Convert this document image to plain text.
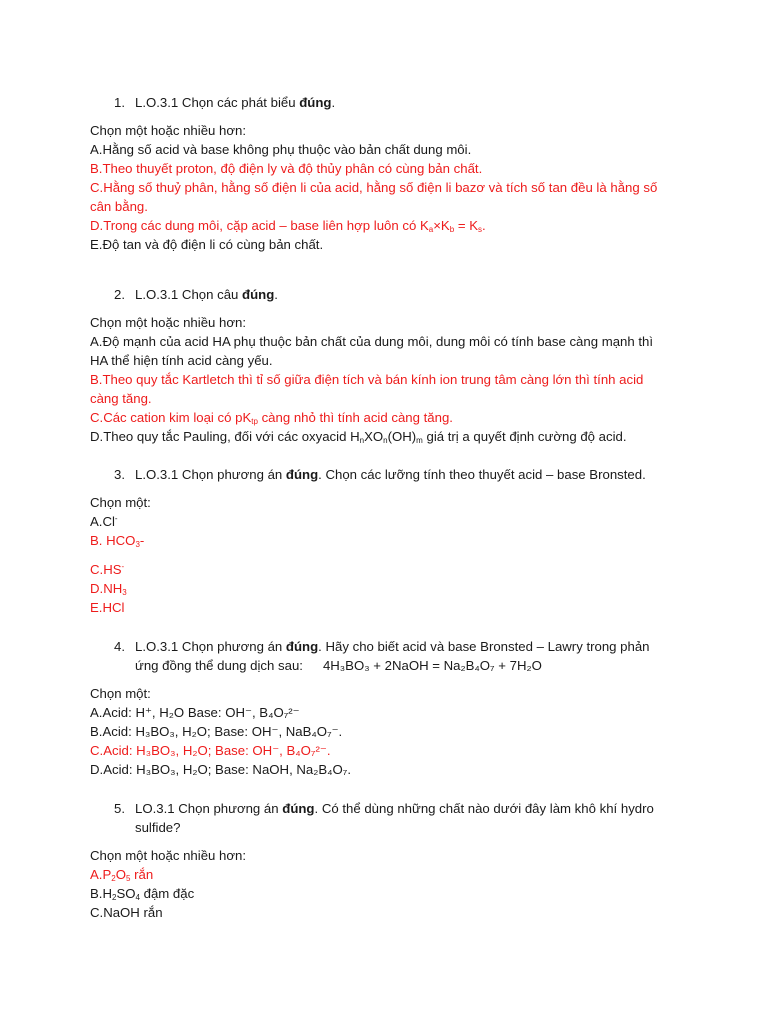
1. L.O.3.1 Chọn các phát biểu đúng.
Chọn một hoặc nhiều hơn:
A.Hằng số acid và base không phụ thuộc vào bản chất dung môi.
B.Theo thuyết proton, độ điện ly và độ thủy phân có cùng bản chất.
C.Hằng số thuỷ phân, hằng số điện li của acid, hằng số điện li bazơ và tích số tan đều là hằng số cân bằng.
D.Trong các dung môi, cặp acid – base liên hợp luôn có $K_a\times K_b = K_s$.
E.Độ tan và độ điện li có cùng bản chất.
2. L.O.3.1 Chọn câu đúng.
Chọn một hoặc nhiều hơn:
A.Độ mạnh của acid HA phụ thuộc bản chất của dung môi, dung môi có tính base càng mạnh thì HA thể hiện tính acid càng yếu.
B.Theo quy tắc Kartletch thì tỉ số giữa điện tích và bán kính ion trung tâm càng lớn thì tính acid càng tăng.
C.Các cation kim loại có $pK_{tp}$ càng nhỏ thì tính acid càng tăng.
D.Theo quy tắc Pauling, đối với các oxyacid $H_nXO_n(OH)_m$ giá trị a quyết định cường độ acid.
3. L.O.3.1 Chọn phương án đúng. Chọn các lưỡng tính theo thuyết acid – base Bronsted.
Chọn một:
A.Cl-
B. $HCO_3-$
C.HS-
$D.NH_3$
E.HCl
4. L.O.3.1 Chọn phương án đúng. Hãy cho biết acid và base Bronsted – Lawry trong phản ứng đồng thể dung dịch sau: 4H₃BO₃ + 2NaOH = Na₂B₄O₇ + 7H₂O
Chọn một:
A.Acid: H⁺, H₂O Base: OH⁻, B₄O₇²⁻
B.Acid: H₃BO₃, H₂O; Base: OH⁻, NaB₄O₇⁻.
C.Acid: H₃BO₃, H₂O; Base: OH⁻, B₄O₇²⁻.
D.Acid: H₃BO₃, H₂O; Base: NaOH, Na₂B₄O₇.
5. LO.3.1 Chọn phương án đúng. Có thể dùng những chất nào dưới đây làm khô khí hydro sulfide?
Chọn một hoặc nhiều hơn:
$A.P_2O_5$ rắn
$B.H_2SO_4$ đậm đặc
C.NaOH rắn
